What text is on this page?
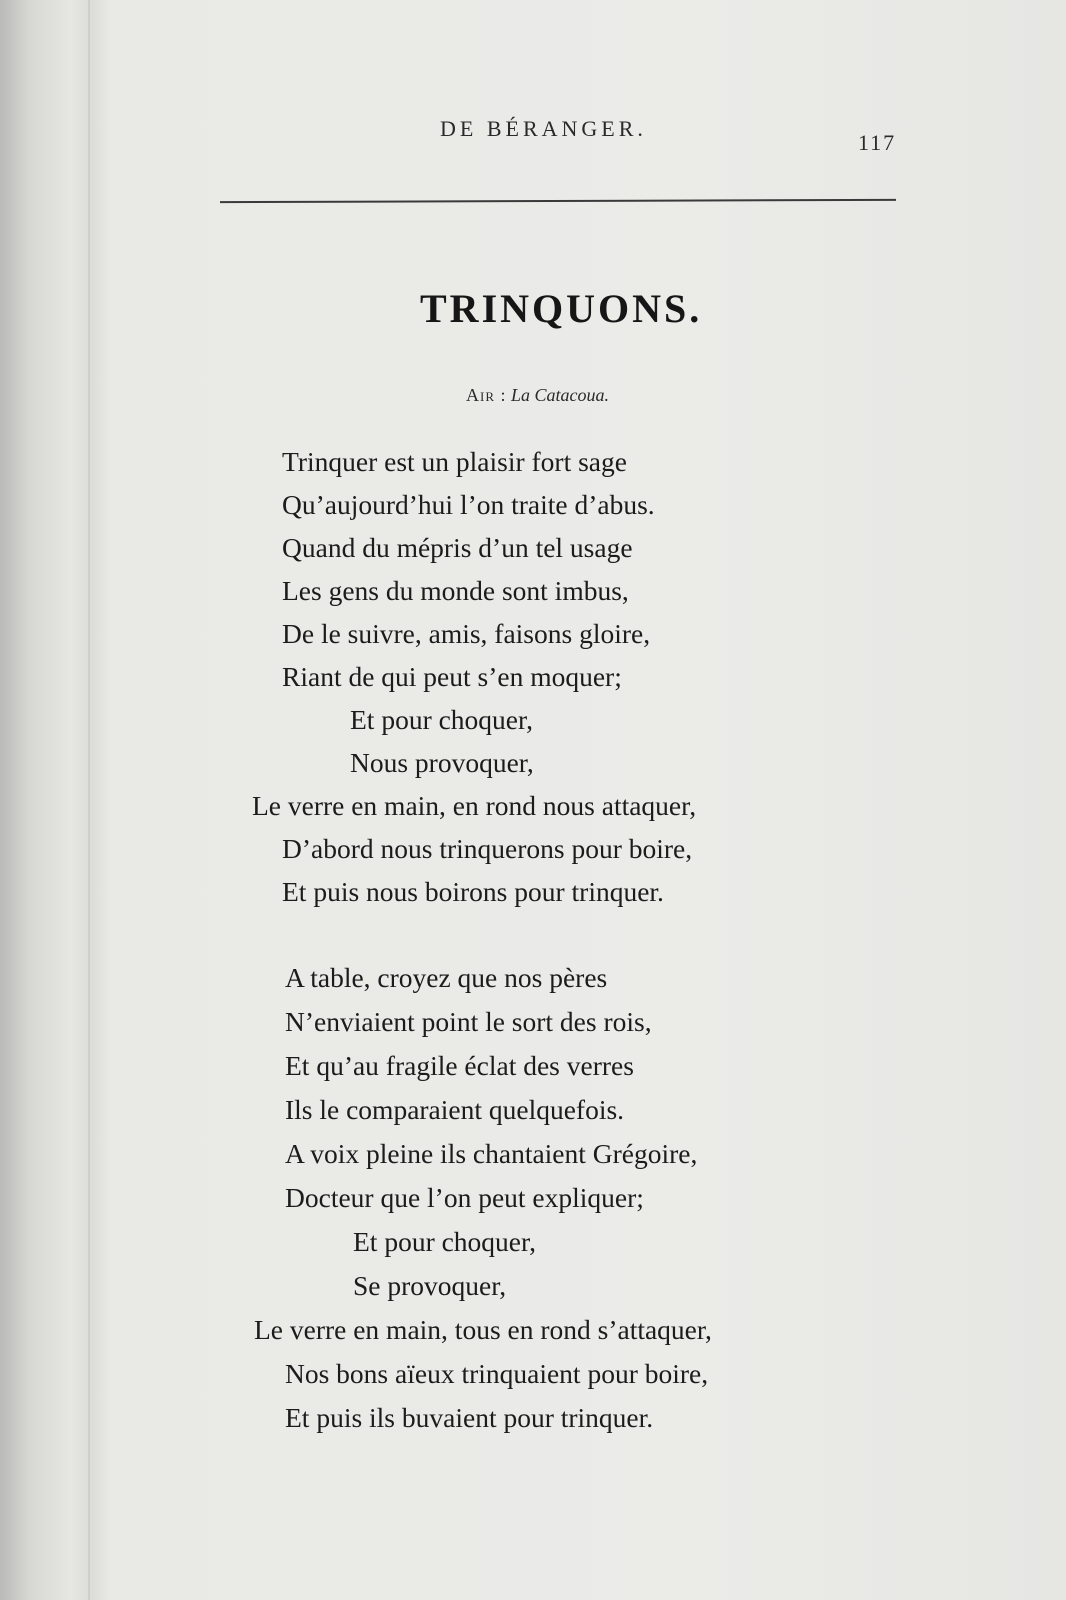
DE BÉRANGER.
117
TRINQUONS.
Air : La Catacoua.
Trinquer est un plaisir fort sage
Qu’aujourd’hui l’on traite d’abus.
Quand du mépris d’un tel usage
Les gens du monde sont imbus,
De le suivre, amis, faisons gloire,
Riant de qui peut s’en moquer;
Et pour choquer,
Nous provoquer,
Le verre en main, en rond nous attaquer,
D’abord nous trinquerons pour boire,
Et puis nous boirons pour trinquer.
A table, croyez que nos pères
N’enviaient point le sort des rois,
Et qu’au fragile éclat des verres
Ils le comparaient quelquefois.
A voix pleine ils chantaient Grégoire,
Docteur que l’on peut expliquer;
Et pour choquer,
Se provoquer,
Le verre en main, tous en rond s’attaquer,
Nos bons aïeux trinquaient pour boire,
Et puis ils buvaient pour trinquer.
